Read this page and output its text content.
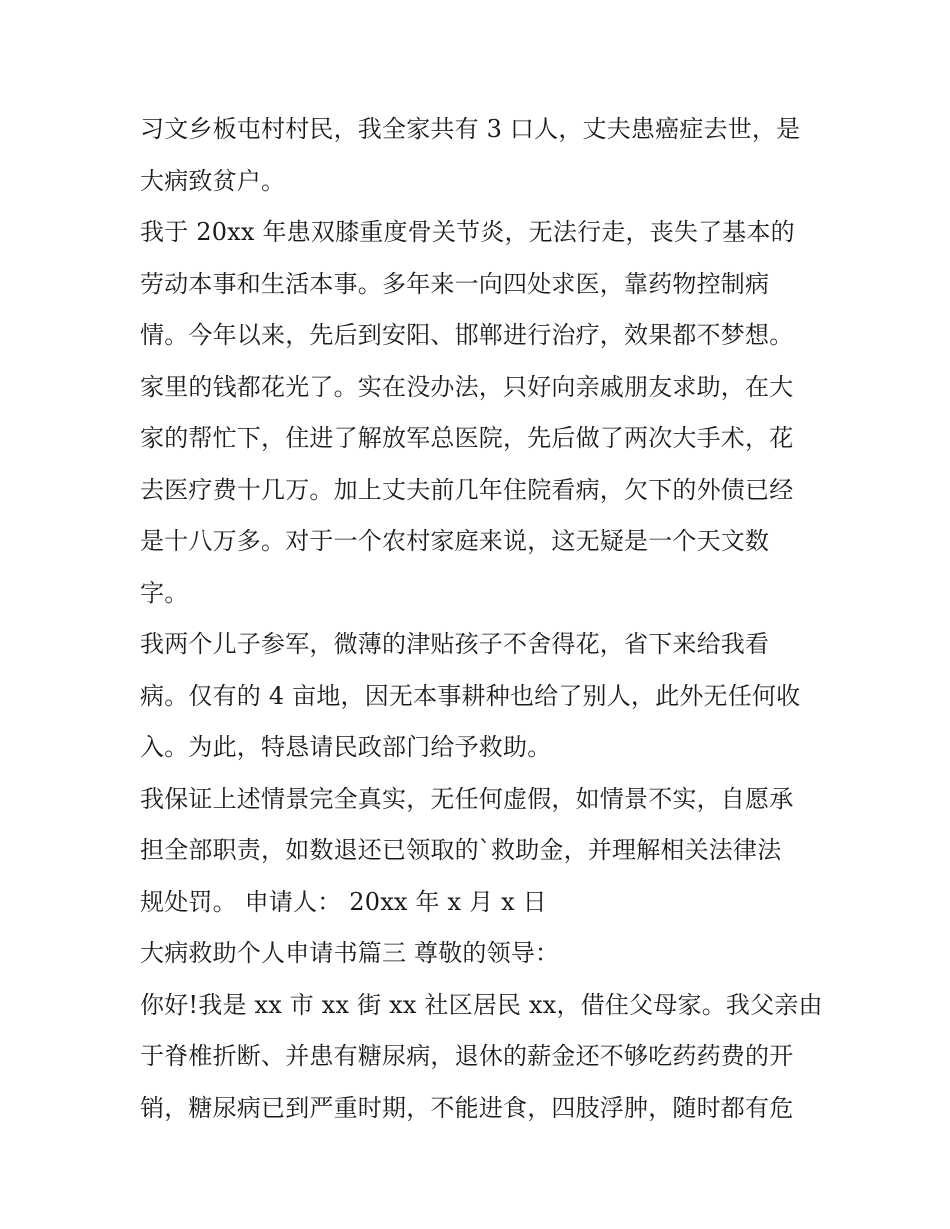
习文乡板屯村村民，我全家共有 3 口人，丈夫患癌症去世，是
大病致贫户。
我于 20xx 年患双膝重度骨关节炎，无法行走，丧失了基本的
劳动本事和生活本事。多年来一向四处求医，靠药物控制病
情。今年以来，先后到安阳、邯郸进行治疗，效果都不梦想。
家里的钱都花光了。实在没办法，只好向亲戚朋友求助，在大
家的帮忙下，住进了解放军总医院，先后做了两次大手术，花
去医疗费十几万。加上丈夫前几年住院看病，欠下的外债已经
是十八万多。对于一个农村家庭来说，这无疑是一个天文数
字。
我两个儿子参军，微薄的津贴孩子不舍得花，省下来给我看
病。仅有的 4 亩地，因无本事耕种也给了别人，此外无任何收
入。为此，特恳请民政部门给予救助。
我保证上述情景完全真实，无任何虚假，如情景不实，自愿承
担全部职责，如数退还已领取的`救助金，并理解相关法律法
规处罚。 申请人： 20xx 年 x 月 x 日
大病救助个人申请书篇三 尊敬的领导：
你好!我是 xx 市 xx 街 xx 社区居民 xx，借住父母家。我父亲由
于脊椎折断、并患有糖尿病，退休的薪金还不够吃药药费的开
销，糖尿病已到严重时期，不能进食，四肢浮肿，随时都有危
